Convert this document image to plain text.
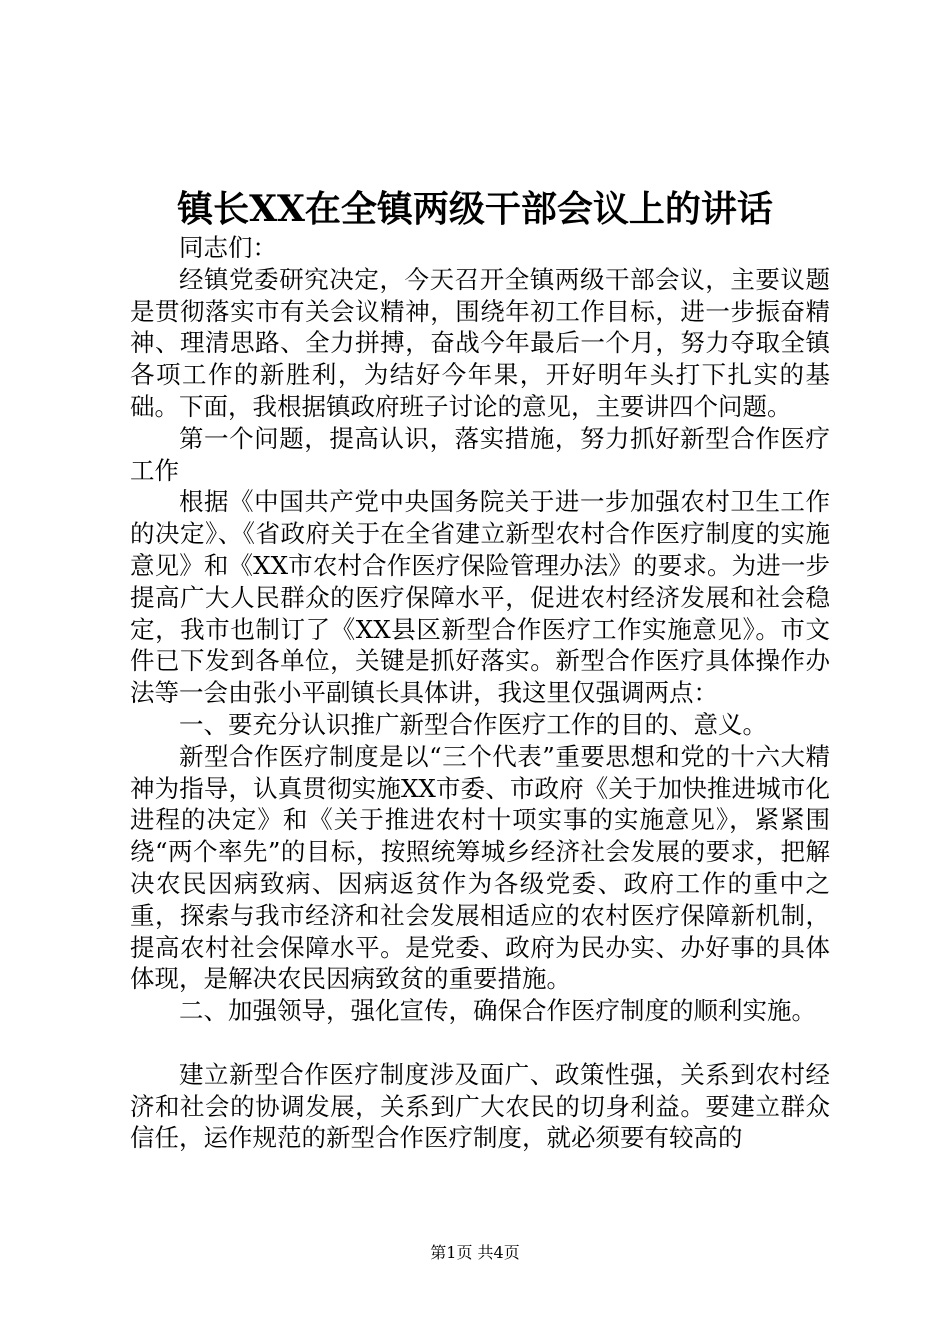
镇长XX在全镇两级干部会议上的讲话

同志们：

经镇党委研究决定，今天召开全镇两级干部会议，主要议题是贯彻落实市有关会议精神，围绕年初工作目标，进一步振奋精神、理清思路、全力拼搏，奋战今年最后一个月，努力夺取全镇各项工作的新胜利，为结好今年果，开好明年头打下扎实的基础。下面，我根据镇政府班子讨论的意见，主要讲四个问题。

第一个问题，提高认识，落实措施，努力抓好新型合作医疗工作

根据《中国共产党中央国务院关于进一步加强农村卫生工作的决定》、《省政府关于在全省建立新型农村合作医疗制度的实施意见》和《XX市农村合作医疗保险管理办法》的要求。为进一步提高广大人民群众的医疗保障水平，促进农村经济发展和社会稳定，我市也制订了《XX县区新型合作医疗工作实施意见》。市文件已下发到各单位，关键是抓好落实。新型合作医疗具体操作办法等一会由张小平副镇长具体讲，我这里仅强调两点：

一、要充分认识推广新型合作医疗工作的目的、意义。

新型合作医疗制度是以“三个代表”重要思想和党的十六大精神为指导，认真贯彻实施XX市委、市政府《关于加快推进城市化进程的决定》和《关于推进农村十项实事的实施意见》，紧紧围绕“两个率先”的目标，按照统筹城乡经济社会发展的要求，把解决农民因病致病、因病返贫作为各级党委、政府工作的重中之重，探索与我市经济和社会发展相适应的农村医疗保障新机制，提高农村社会保障水平。是党委、政府为民办实、办好事的具体体现，是解决农民因病致贫的重要措施。

二、加强领导，强化宣传，确保合作医疗制度的顺利实施。

建立新型合作医疗制度涉及面广、政策性强，关系到农村经济和社会的协调发展，关系到广大农民的切身利益。要建立群众信任，运作规范的新型合作医疗制度，就必须要有较高的

第1页 共4页
